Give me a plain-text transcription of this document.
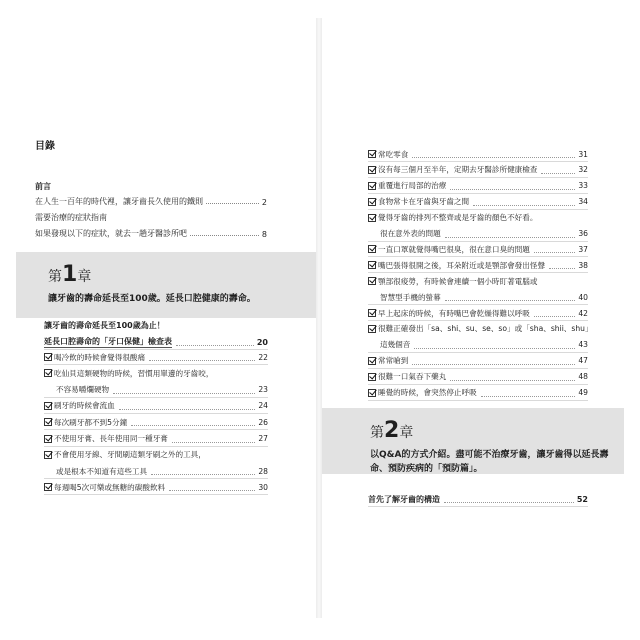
目錄
前言
在人生一百年的時代裡，讓牙齒長久使用的鐵則	2
需要治療的症狀指南
如果發現以下的症狀，就去一趟牙醫診所吧	8
第1章
讓牙齒的壽命延長至100歲。延長口腔健康的壽命。
讓牙齒的壽命延長至100歲為止！
延長口腔壽命的「牙口保健」檢查表	20
喝冷飲的時候會覺得很酸痛	22
吃仙貝這類硬物的時候，習慣用單邊的牙齒咬，
不容易嚼爛硬物	23
刷牙的時候會流血	24
每次刷牙都不到5分鐘	26
不使用牙膏、長年使用同一種牙膏	27
不會使用牙線、牙間刷這類牙刷之外的工具，
或是根本不知道有這些工具	28
每週喝5次可樂或無糖的碳酸飲料	30
常吃零食	31
沒有每三個月至半年，定期去牙醫診所健康檢查	32
重覆進行局部的治療	33
食物常卡在牙齒與牙齒之間	34
覺得牙齒的排列不整齊或是牙齒的顏色不好看。
很在意外表的問題	36
一直口罩就覺得嘴巴很臭，很在意口臭的問題	37
嘴巴張得很開之後，耳朵附近或是顎部會發出怪聲	38
顎部很痠勞，有時候會連續一個小時盯著電腦或
智慧型手機的螢幕	40
早上起床的時候，有時嘴巴會乾燥得難以呼吸	42
很難正確發出「sa、shi、su、se、so」或「sha、shii、shu」
這幾個音	43
常常嗆到	47
很難一口氣吞下藥丸	48
睡覺的時候，會突然停止呼吸	49
第2章
以Q&A的方式介紹。盡可能不治療牙齒，讓牙齒得以延長壽命、預防疾病的「預防篇」。
首先了解牙齒的構造	52
